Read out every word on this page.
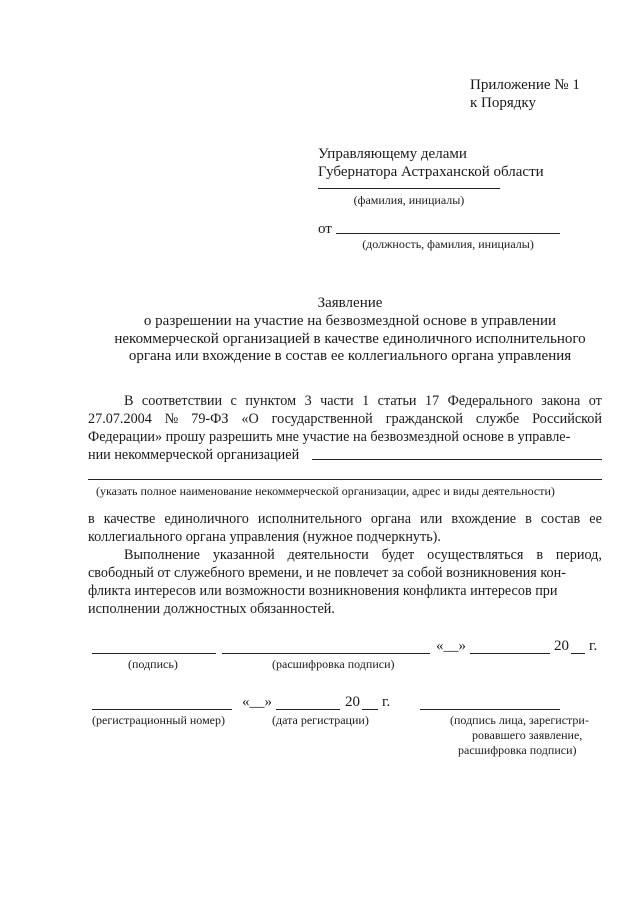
Приложение № 1
к Порядку
Управляющему делами
Губернатора Астраханской области
(фамилия, инициалы)
от
(должность, фамилия, инициалы)
Заявление
о разрешении на участие на безвозмездной основе в управлении
некоммерческой организацией в качестве единоличного исполнительного
органа или вхождение в состав ее коллегиального органа управления
В соответствии с пунктом 3 части 1 статьи 17 Федерального закона от
27.07.2004 № 79-ФЗ «О государственной гражданской службе Российской
Федерации» прошу разрешить мне участие на безвозмездной основе в управле-
нии некоммерческой организацией
(указать полное наименование некоммерческой организации, адрес и виды деятельности)
в качестве единоличного исполнительного органа или вхождение в состав ее
коллегиального органа управления (нужное подчеркнуть).
Выполнение указанной деятельности будет осуществляться в период,
свободный от служебного времени, и не повлечет за собой возникновения кон-
фликта интересов или возможности возникновения конфликта интересов при
исполнении должностных обязанностей.
«__»	20 г.
(подпись)	(расшифровка подписи)
«__»	20 г.
(регистрационный номер)	(дата регистрации)	(подпись лица, зарегистри-
ровавшего заявление,
расшифровка подписи)
